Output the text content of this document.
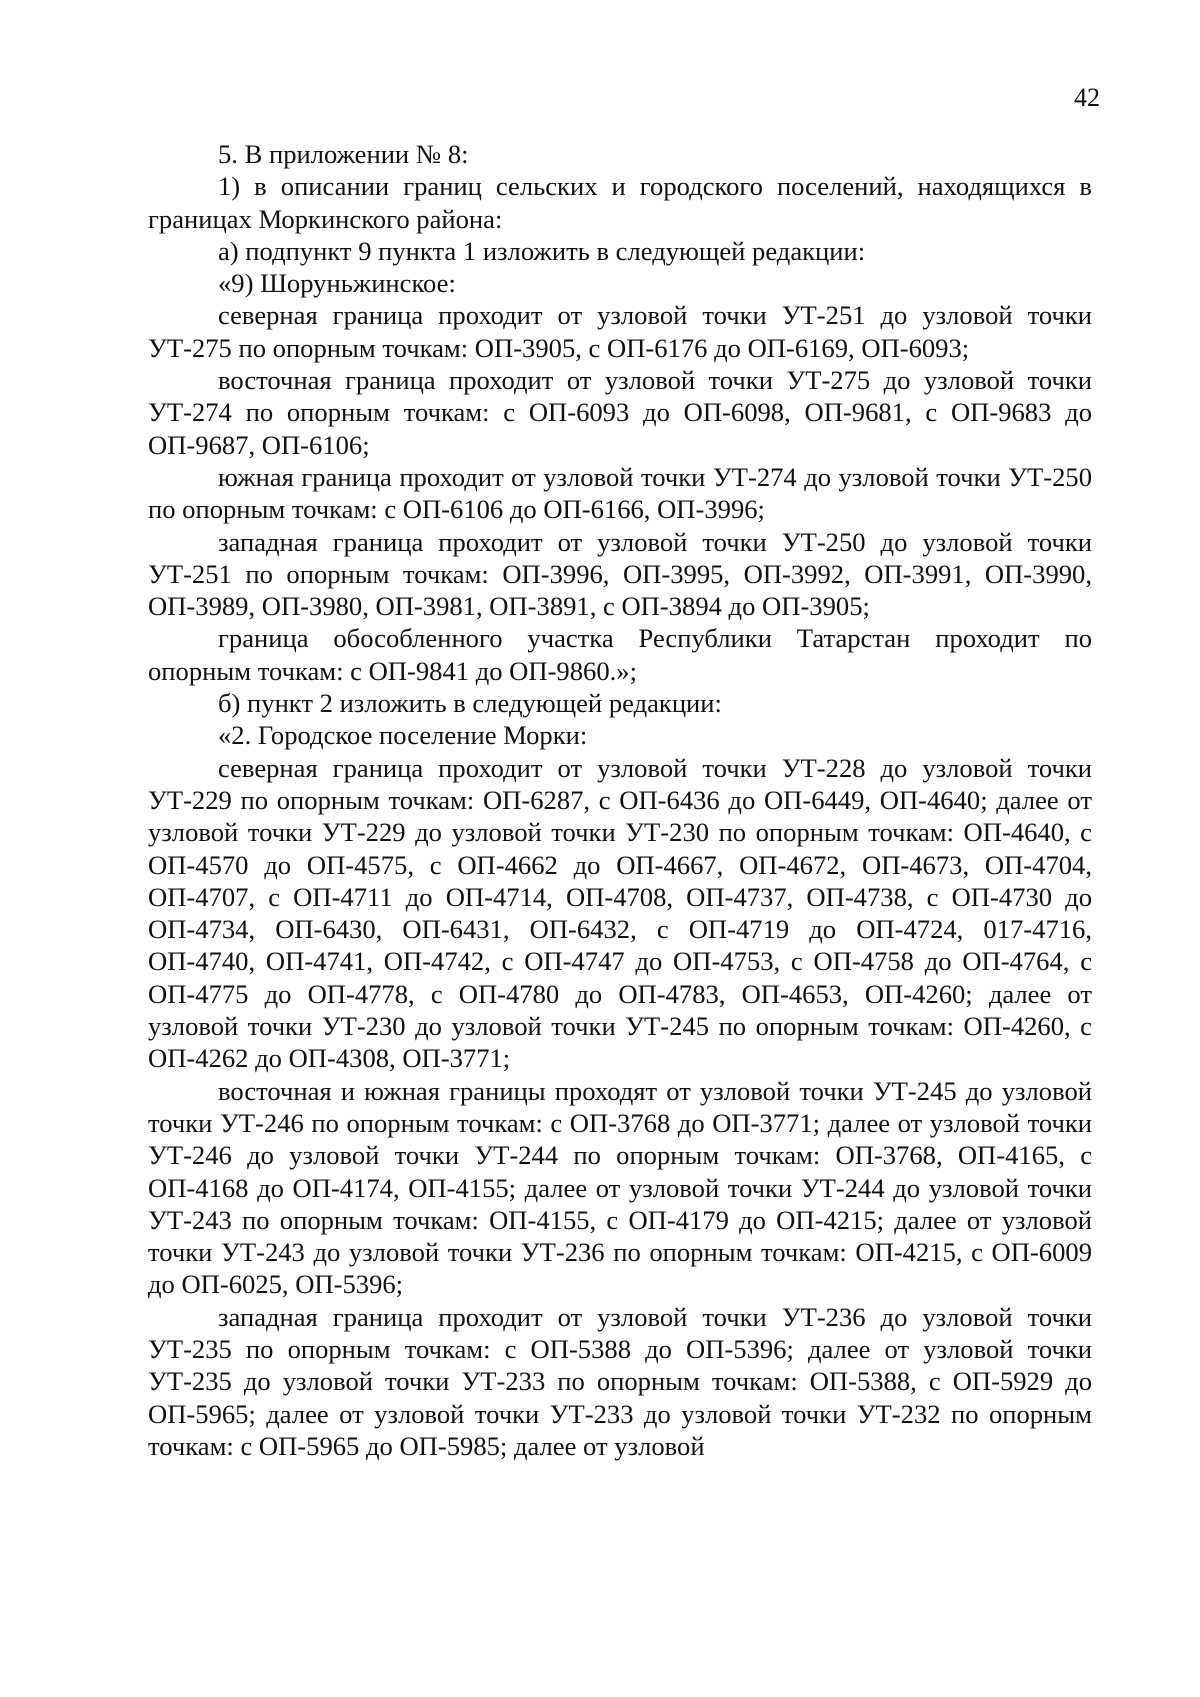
42

5. В приложении № 8:

1) в описании границ сельских и городского поселений, находящихся в границах Моркинского района:

а) подпункт 9 пункта 1 изложить в следующей редакции:

«9) Шоруньжинское:

северная граница проходит от узловой точки УТ-251 до узловой точки УТ-275 по опорным точкам: ОП-3905, с ОП-6176 до ОП-6169, ОП-6093;

восточная граница проходит от узловой точки УТ-275 до узловой точки УТ-274 по опорным точкам: с ОП-6093 до ОП-6098, ОП-9681, с ОП-9683 до ОП-9687, ОП-6106;

южная граница проходит от узловой точки УТ-274 до узловой точки УТ-250 по опорным точкам: с ОП-6106 до ОП-6166, ОП-3996;

западная граница проходит от узловой точки УТ-250 до узловой точки УТ-251 по опорным точкам: ОП-3996, ОП-3995, ОП-3992, ОП-3991, ОП-3990, ОП-3989, ОП-3980, ОП-3981, ОП-3891, с ОП-3894 до ОП-3905;

граница обособленного участка Республики Татарстан проходит по опорным точкам: с ОП-9841 до ОП-9860.»;

б) пункт 2 изложить в следующей редакции:

«2. Городское поселение Морки:

северная граница проходит от узловой точки УТ-228 до узловой точки УТ-229 по опорным точкам: ОП-6287, с ОП-6436 до ОП-6449, ОП-4640; далее от узловой точки УТ-229 до узловой точки УТ-230 по опорным точкам: ОП-4640, с ОП-4570 до ОП-4575, с ОП-4662 до ОП-4667, ОП-4672, ОП-4673, ОП-4704, ОП-4707, с ОП-4711 до ОП-4714, ОП-4708, ОП-4737, ОП-4738, с ОП-4730 до ОП-4734, ОП-6430, ОП-6431, ОП-6432, с ОП-4719 до ОП-4724, 017-4716, ОП-4740, ОП-4741, ОП-4742, с ОП-4747 до ОП-4753, с ОП-4758 до ОП-4764, с ОП-4775 до ОП-4778, с ОП-4780 до ОП-4783, ОП-4653, ОП-4260; далее от узловой точки УТ-230 до узловой точки УТ-245 по опорным точкам: ОП-4260, с ОП-4262 до ОП-4308, ОП-3771;

восточная и южная границы проходят от узловой точки УТ-245 до узловой точки УТ-246 по опорным точкам: с ОП-3768 до ОП-3771; далее от узловой точки УТ-246 до узловой точки УТ-244 по опорным точкам: ОП-3768, ОП-4165, с ОП-4168 до ОП-4174, ОП-4155; далее от узловой точки УТ-244 до узловой точки УТ-243 по опорным точкам: ОП-4155, с ОП-4179 до ОП-4215; далее от узловой точки УТ-243 до узловой точки УТ-236 по опорным точкам: ОП-4215, с ОП-6009 до ОП-6025, ОП-5396;

западная граница проходит от узловой точки УТ-236 до узловой точки УТ-235 по опорным точкам: с ОП-5388 до ОП-5396; далее от узловой точки УТ-235 до узловой точки УТ-233 по опорным точкам: ОП-5388, с ОП-5929 до ОП-5965; далее от узловой точки УТ-233 до узловой точки УТ-232 по опорным точкам: с ОП-5965 до ОП-5985; далее от узловой
